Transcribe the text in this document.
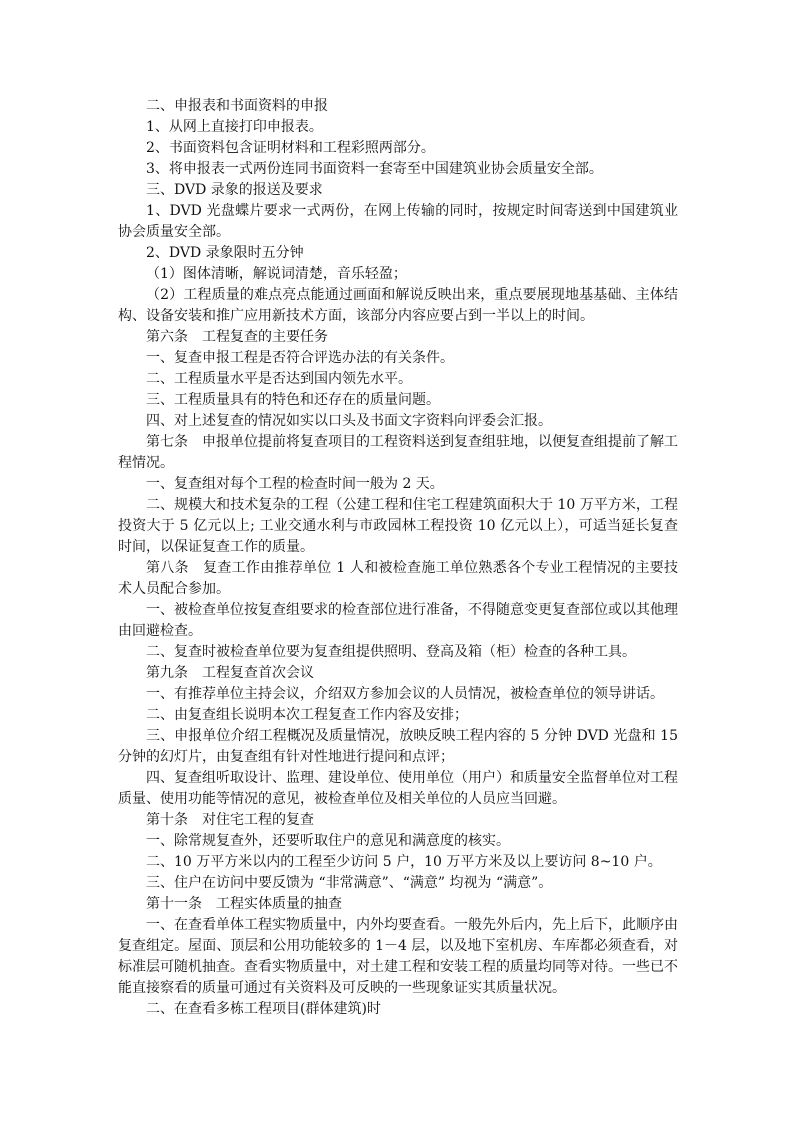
二、申报表和书面资料的申报

1、从网上直接打印申报表。

2、书面资料包含证明材料和工程彩照两部分。

3、将申报表一式两份连同书面资料一套寄至中国建筑业协会质量安全部。

三、DVD 录象的报送及要求

1、DVD 光盘蝶片要求一式两份，在网上传输的同时，按规定时间寄送到中国建筑业协会质量安全部。

2、DVD 录象限时五分钟

（1）图体清晰，解说词清楚，音乐轻盈；

（2）工程质量的难点亮点能通过画面和解说反映出来，重点要展现地基基础、主体结构、设备安装和推广应用新技术方面，该部分内容应要占到一半以上的时间。

第六条　工程复查的主要任务

一、复查申报工程是否符合评选办法的有关条件。

二、工程质量水平是否达到国内领先水平。

三、工程质量具有的特色和还存在的质量问题。

四、对上述复查的情况如实以口头及书面文字资料向评委会汇报。

第七条　申报单位提前将复查项目的工程资料送到复查组驻地，以便复查组提前了解工程情况。

一、复查组对每个工程的检查时间一般为 2 天。

二、规模大和技术复杂的工程（公建工程和住宅工程建筑面积大于 10 万平方米，工程投资大于 5 亿元以上; 工业交通水利与市政园林工程投资 10 亿元以上），可适当延长复查时间，以保证复查工作的质量。

第八条　复查工作由推荐单位 1 人和被检查施工单位熟悉各个专业工程情况的主要技术人员配合参加。

一、被检查单位按复查组要求的检查部位进行准备，不得随意变更复查部位或以其他理由回避检查。

二、复查时被检查单位要为复查组提供照明、登高及箱（柜）检查的各种工具。

第九条　工程复查首次会议

一、有推荐单位主持会议，介绍双方参加会议的人员情况，被检查单位的领导讲话。

二、由复查组长说明本次工程复查工作内容及安排；

三、申报单位介绍工程概况及质量情况，放映反映工程内容的 5 分钟 DVD 光盘和 15 分钟的幻灯片，由复查组有针对性地进行提问和点评；

四、复查组听取设计、监理、建设单位、使用单位（用户）和质量安全监督单位对工程质量、使用功能等情况的意见，被检查单位及相关单位的人员应当回避。

第十条　对住宅工程的复查

一、除常规复查外，还要听取住户的意见和满意度的核实。

二、10 万平方米以内的工程至少访问 5 户，10 万平方米及以上要访问 8~10 户。

三、住户在访问中要反馈为 “非常满意”、“满意” 均视为 “满意”。

第十一条　工程实体质量的抽查

一、在查看单体工程实物质量中，内外均要查看。一般先外后内，先上后下，此顺序由复查组定。屋面、顶层和公用功能较多的 1－4 层，以及地下室机房、车库都必须查看，对标准层可随机抽查。查看实物质量中，对土建工程和安装工程的质量均同等对待。一些已不能直接察看的质量可通过有关资料及可反映的一些现象证实其质量状况。

二、在查看多栋工程项目(群体建筑)时
